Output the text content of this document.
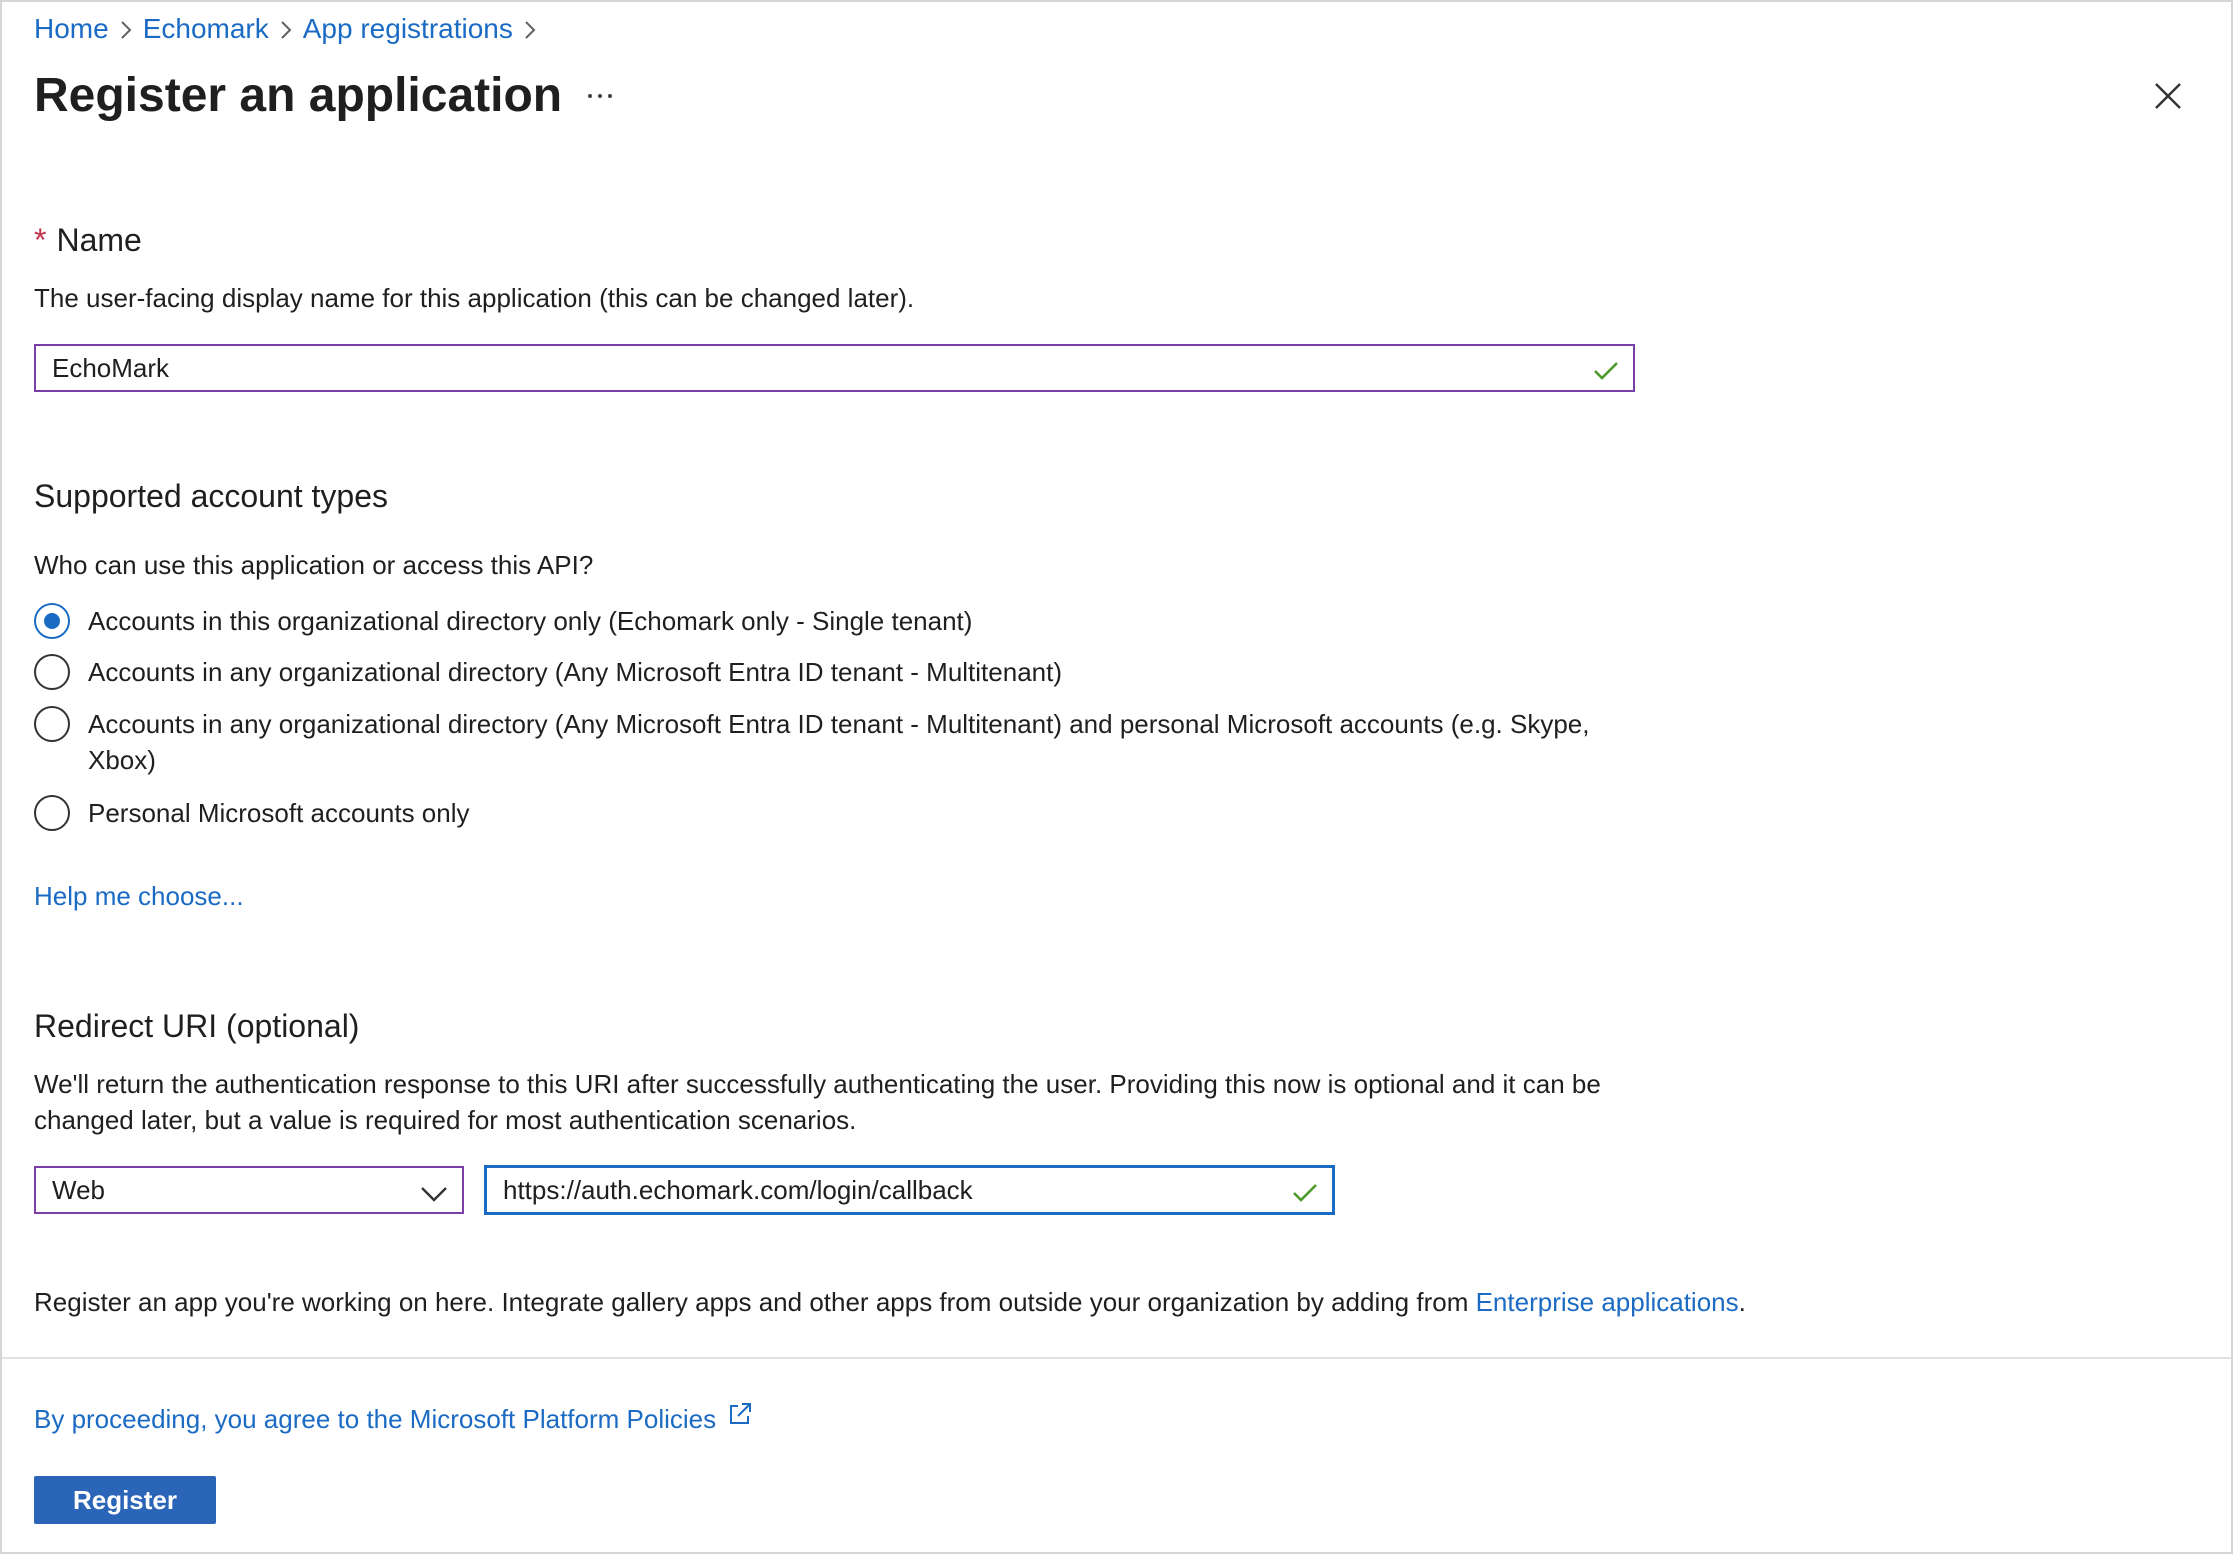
Home Echomark App registrations
Register an application
* Name

The user-facing display name for this application (this can be changed later).

EchoMark
Supported account types

Who can use this application or access this API?

Accounts in this organizational directory only (Echomark only - Single tenant)
Accounts in any organizational directory (Any Microsoft Entra ID tenant - Multitenant)
Accounts in any organizational directory (Any Microsoft Entra ID tenant - Multitenant) and personal Microsoft accounts (e.g. Skype, Xbox)
Personal Microsoft accounts only
Help me choose...
Redirect URI (optional)

We'll return the authentication response to this URI after successfully authenticating the user. Providing this now is optional and it can be changed later, but a value is required for most authentication scenarios.

Web	https://auth.echomark.com/login/callback

Register an app you're working on here. Integrate gallery apps and other apps from outside your organization by adding from Enterprise applications.

By proceeding, you agree to the Microsoft Platform Policies
Register
